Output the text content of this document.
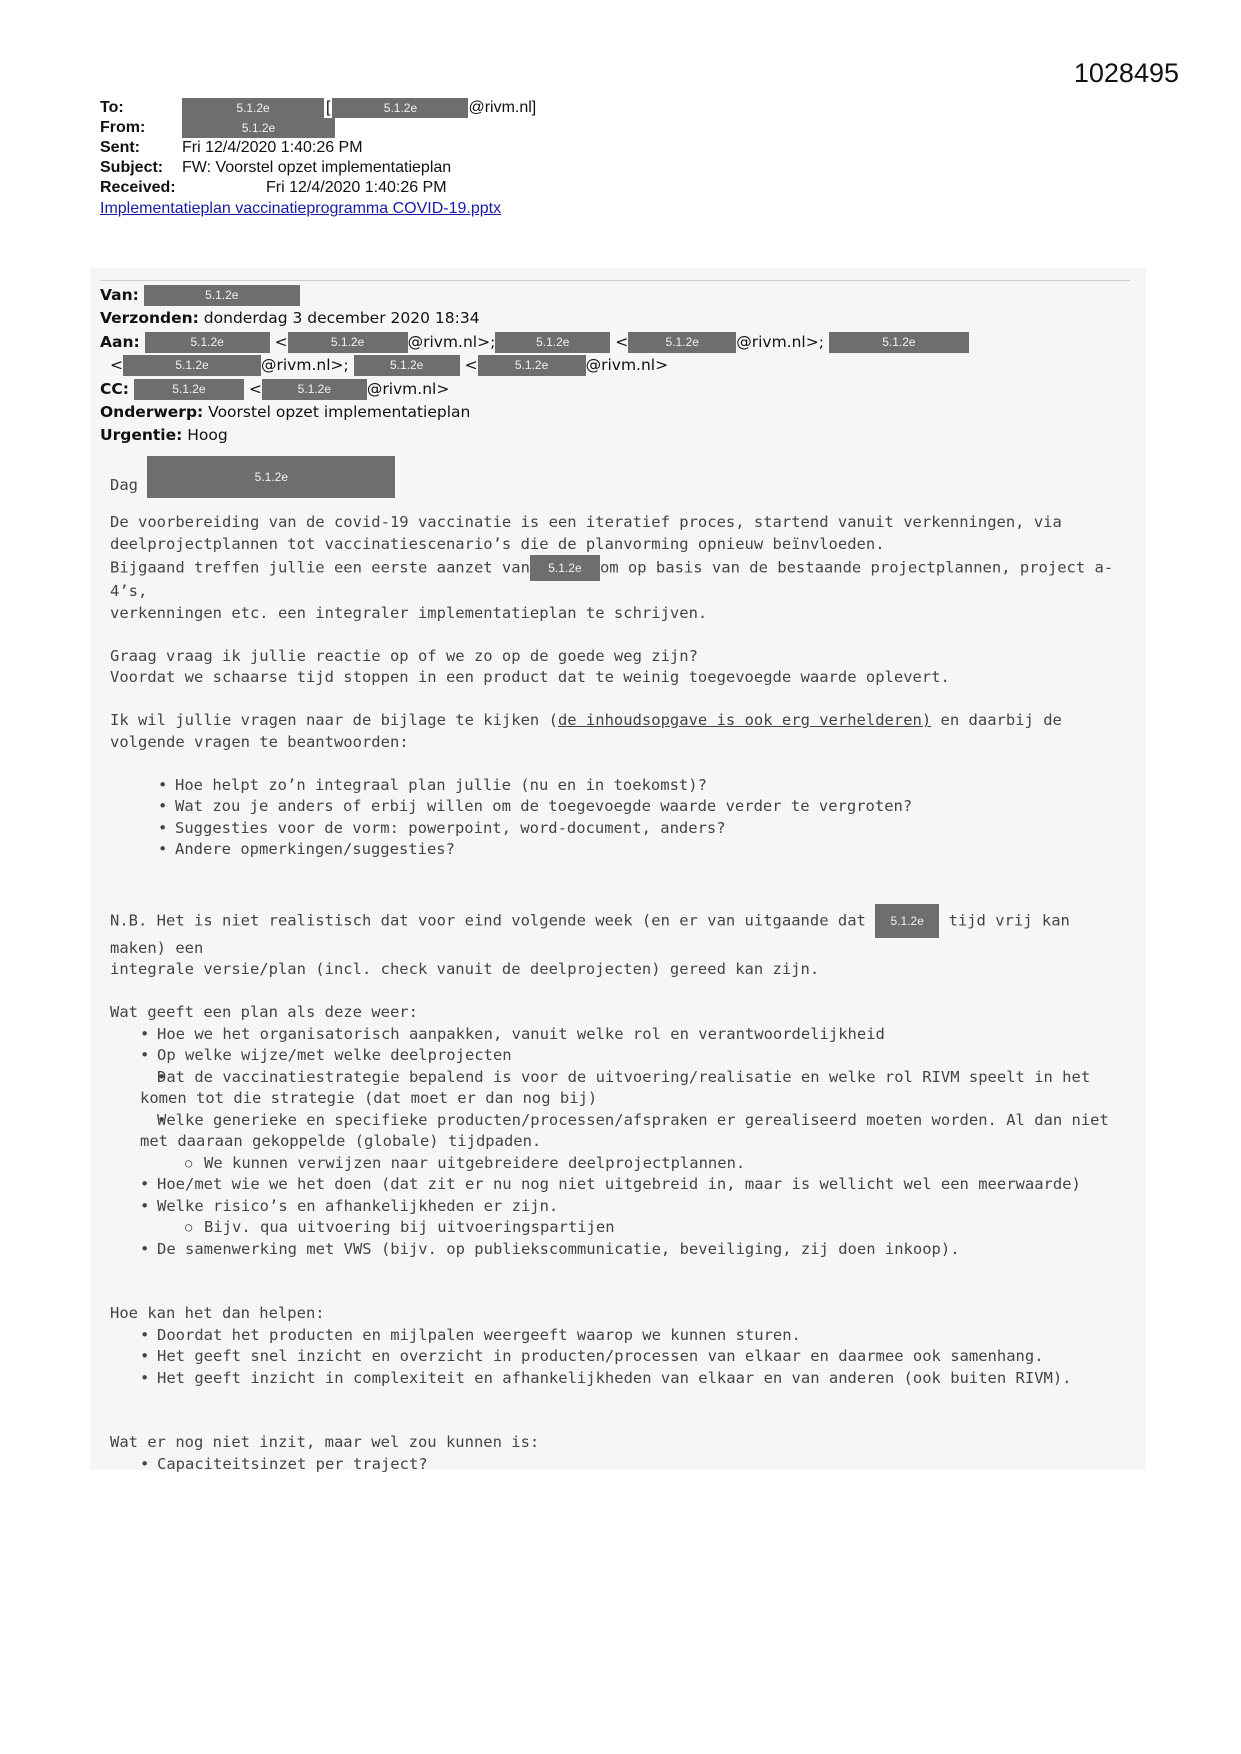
1028495
To:	5.1.2e	[	5.1.2e	@rivm.nl]
From:	5.1.2e
Sent:	Fri 12/4/2020 1:40:26 PM
Subject: FW: Voorstel opzet implementatieplan
Received:	Fri 12/4/2020 1:40:26 PM
Implementatieplan vaccinatieprogramma COVID-19.pptx
Van:	5.1.2e
Verzonden: donderdag 3 december 2020 18:34
Aan:	5.1.2e	<	5.1.2e	@rivm.nl>;	5.1.2e	<	5.1.2e @rivm.nl>;	5.1.2e
<	5.1.2e	@rivm.nl>;	5.1.2e	<	5.1.2e @rivm.nl>
CC:	5.1.2e	<	5.1.2e @rivm.nl>
Onderwerp: Voorstel opzet implementatieplan
Urgentie: Hoog
Dag	5.1.2e

De voorbereiding van de covid-19 vaccinatie is een iteratief proces, startend vanuit verkenningen, via

deelprojectplannen tot vaccinatiescenario’s die de planvorming opnieuw beïnvloeden.

Bijgaand treffen jullie een eerste aanzet van 5.1.2e om op basis van de bestaande projectplannen, project a-4’s,

verkenningen etc. een integraler implementatieplan te schrijven.

Graag vraag ik jullie reactie op of we zo op de goede weg zijn?

Voordat we schaarse tijd stoppen in een product dat te weinig toegevoegde waarde oplevert.

Ik wil jullie vragen naar de bijlage te kijken (de inhoudsopgave is ook erg verhelderen) en daarbij de volgende vragen te beantwoorden:

• Hoe helpt zo’n integraal plan jullie (nu en in toekomst)?
• Wat zou je anders of erbij willen om de toegevoegde waarde verder te vergroten?
• Suggesties voor de vorm: powerpoint, word-document, anders?
• Andere opmerkingen/suggesties?

N.B. Het is niet realistisch dat voor eind volgende week (en er van uitgaande dat 5.1.2e tijd vrij kan maken) een

integrale versie/plan (incl. check vanuit de deelprojecten) gereed kan zijn.

Wat geeft een plan als deze weer:

• Hoe we het organisatorisch aanpakken, vanuit welke rol en verantwoordelijkheid
• Op welke wijze/met welke deelprojecten
• Dat de vaccinatiestrategie bepalend is voor de uitvoering/realisatie en welke rol RIVM speelt in het komen tot die strategie (dat moet er dan nog bij)
• Welke generieke en specifieke producten/processen/afspraken er gerealiseerd moeten worden. Al dan niet met daaraan gekoppelde (globale) tijdpaden.
○ We kunnen verwijzen naar uitgebreidere deelprojectplannen.
• Hoe/met wie we het doen (dat zit er nu nog niet uitgebreid in, maar is wellicht wel een meerwaarde)
• Welke risico’s en afhankelijkheden er zijn.
○ Bijv. qua uitvoering bij uitvoeringspartijen
• De samenwerking met VWS (bijv. op publiekscommunicatie, beveiliging, zij doen inkoop).

Hoe kan het dan helpen:

• Doordat het producten en mijlpalen weergeeft waarop we kunnen sturen.
• Het geeft snel inzicht en overzicht in producten/processen van elkaar en daarmee ook samenhang.
• Het geeft inzicht in complexiteit en afhankelijkheden van elkaar en van anderen (ook buiten RIVM).

Wat er nog niet inzit, maar wel zou kunnen is:

• Capaciteitsinzet per traject?
